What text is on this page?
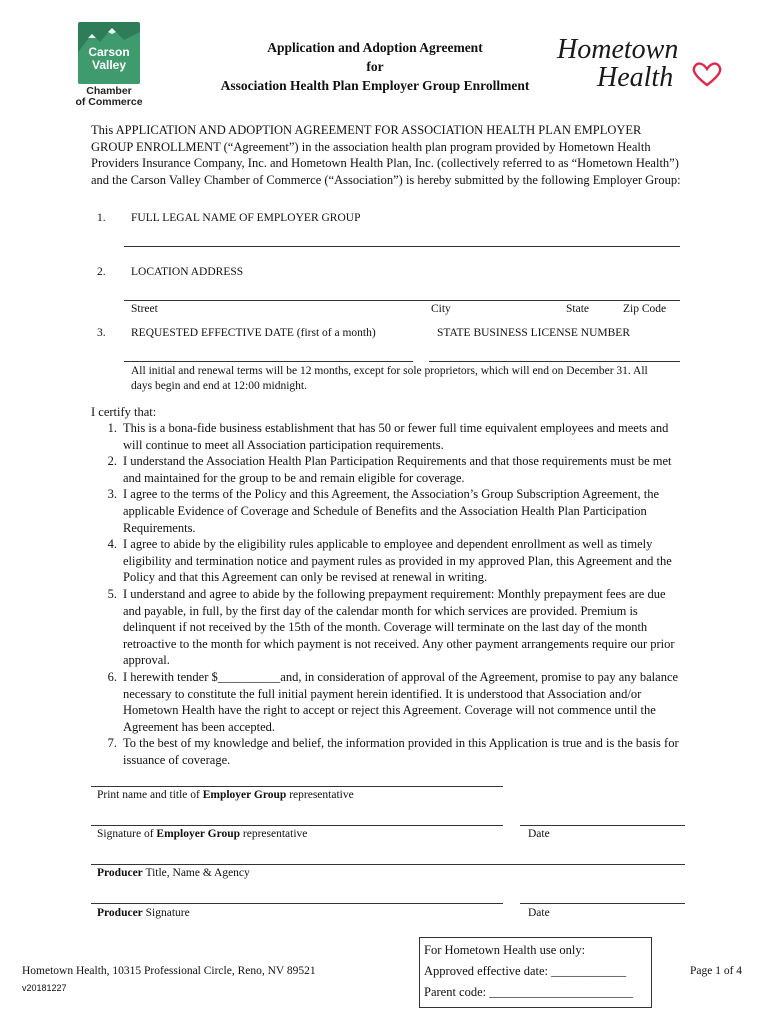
Carson
Valley
Chamber
of Commerce
Application and Adoption Agreement
for
Association Health Plan Employer Group Enrollment
Hometown
Health
This APPLICATION AND ADOPTION AGREEMENT FOR ASSOCIATION HEALTH PLAN EMPLOYER GROUP ENROLLMENT (“Agreement”) in the association health plan program provided by Hometown Health Providers Insurance Company, Inc. and Hometown Health Plan, Inc. (collectively referred to as “Hometown Health”) and the Carson Valley Chamber of Commerce (“Association”) is hereby submitted by the following Employer Group:
1. FULL LEGAL NAME OF EMPLOYER GROUP
2. LOCATION ADDRESS
Street	City	State	Zip Code
3. REQUESTED EFFECTIVE DATE (first of a month)	STATE BUSINESS LICENSE NUMBER
All initial and renewal terms will be 12 months, except for sole proprietors, which will end on December 31. All days begin and end at 12:00 midnight.
I certify that:
1. This is a bona-fide business establishment that has 50 or fewer full time equivalent employees and meets and will continue to meet all Association participation requirements.
2. I understand the Association Health Plan Participation Requirements and that those requirements must be met and maintained for the group to be and remain eligible for coverage.
3. I agree to the terms of the Policy and this Agreement, the Association’s Group Subscription Agreement, the applicable Evidence of Coverage and Schedule of Benefits and the Association Health Plan Participation Requirements.
4. I agree to abide by the eligibility rules applicable to employee and dependent enrollment as well as timely eligibility and termination notice and payment rules as provided in my approved Plan, this Agreement and the Policy and that this Agreement can only be revised at renewal in writing.
5. I understand and agree to abide by the following prepayment requirement: Monthly prepayment fees are due and payable, in full, by the first day of the calendar month for which services are provided. Premium is delinquent if not received by the 15th of the month. Coverage will terminate on the last day of the month retroactive to the month for which payment is not received. Any other payment arrangements require our prior approval.
6. I herewith tender $__________and, in consideration of approval of the Agreement, promise to pay any balance necessary to constitute the full initial payment herein identified. It is understood that Association and/or Hometown Health have the right to accept or reject this Agreement. Coverage will not commence until the Agreement has been accepted.
7. To the best of my knowledge and belief, the information provided in this Application is true and is the basis for issuance of coverage.
Print name and title of Employer Group representative
Signature of Employer Group representative	Date
Producer Title, Name & Agency
Producer Signature	Date
Hometown Health, 10315 Professional Circle, Reno, NV 89521
v20181227
For Hometown Health use only:
Approved effective date: ____________
Parent code: _______________________
Page 1 of 4
